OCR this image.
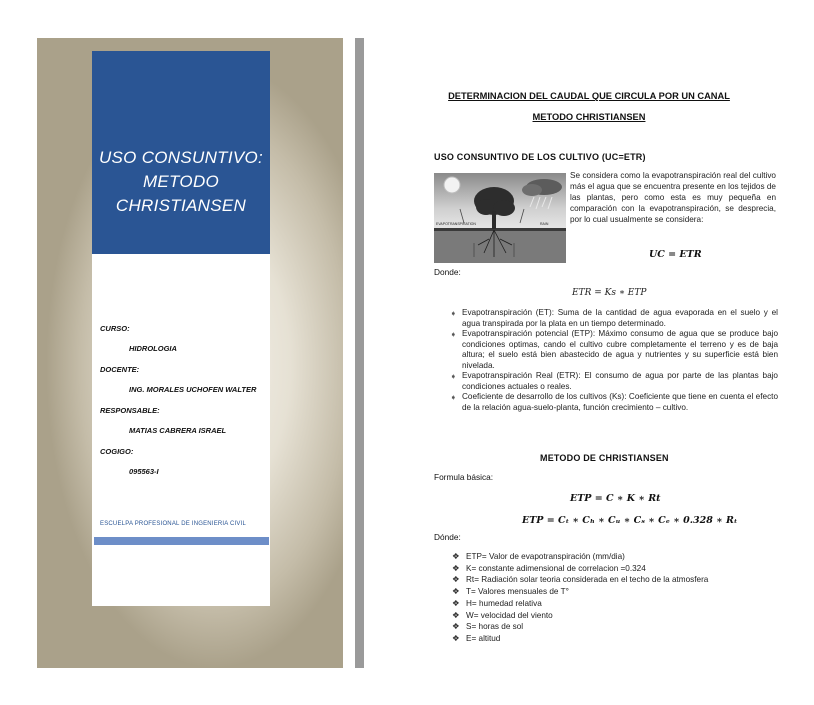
USO CONSUNTIVO:
METODO
CHRISTIANSEN
CURSO:
HIDROLOGIA
DOCENTE:
ING. MORALES UCHOFEN WALTER
RESPONSABLE:
MATIAS CABRERA ISRAEL
COGIGO:
095563-I
ESCUELPA PROFESIONAL DE INGENIERIA CIVIL
DETERMINACION DEL CAUDAL QUE CIRCULA POR UN CANAL
METODO CHRISTIANSEN
USO CONSUNTIVO DE LOS CULTIVO (UC=ETR)
EVAPOTRANSPIRATION	RAIN
Se considera como la evapotranspiración real del cultivo más el agua que se encuentra presente en los tejidos de las plantas, pero como esta es muy pequeña en comparación con la evapotranspiración, se desprecia, por lo cual usualmente se considera:
UC = ETR
Donde:
ETR = Ks ∗ ETP
➧ Evapotranspiración (ET): Suma de la cantidad de agua evaporada en el suelo y el agua transpirada por la plata en un tiempo determinado.
➧ Evapotranspiración potencial (ETP): Máximo consumo de agua que se produce bajo condiciones optimas, cando el cultivo cubre completamente el terreno y es de baja altura; el suelo está bien abastecido de agua y nutrientes y su superficie está bien nivelada.
➧ Evapotranspiración Real (ETR): El consumo de agua por parte de las plantas bajo condiciones actuales o reales.
➧ Coeficiente de desarrollo de los cultivos (Ks): Coeficiente que tiene en cuenta el efecto de la relación agua-suelo-planta, función crecimiento – cultivo.
METODO DE CHRISTIANSEN
Formula básica:
ETP = C ∗ K ∗ Rt
ETP = Cₜ ∗ Cₕ ∗ Cᵤ ∗ Cₛ ∗ Cₑ ∗ 0.328 ∗ Rₜ
Dónde:
❖ ETP= Valor de evapotranspiración (mm/dia)
❖ K= constante adimensional de correlacion =0.324
❖ Rt= Radiación solar teoria considerada en el techo de la atmosfera
❖ T= Valores mensuales de T°
❖ H= humedad relativa
❖ W= velocidad del viento
❖ S= horas de sol
❖ E= altitud
